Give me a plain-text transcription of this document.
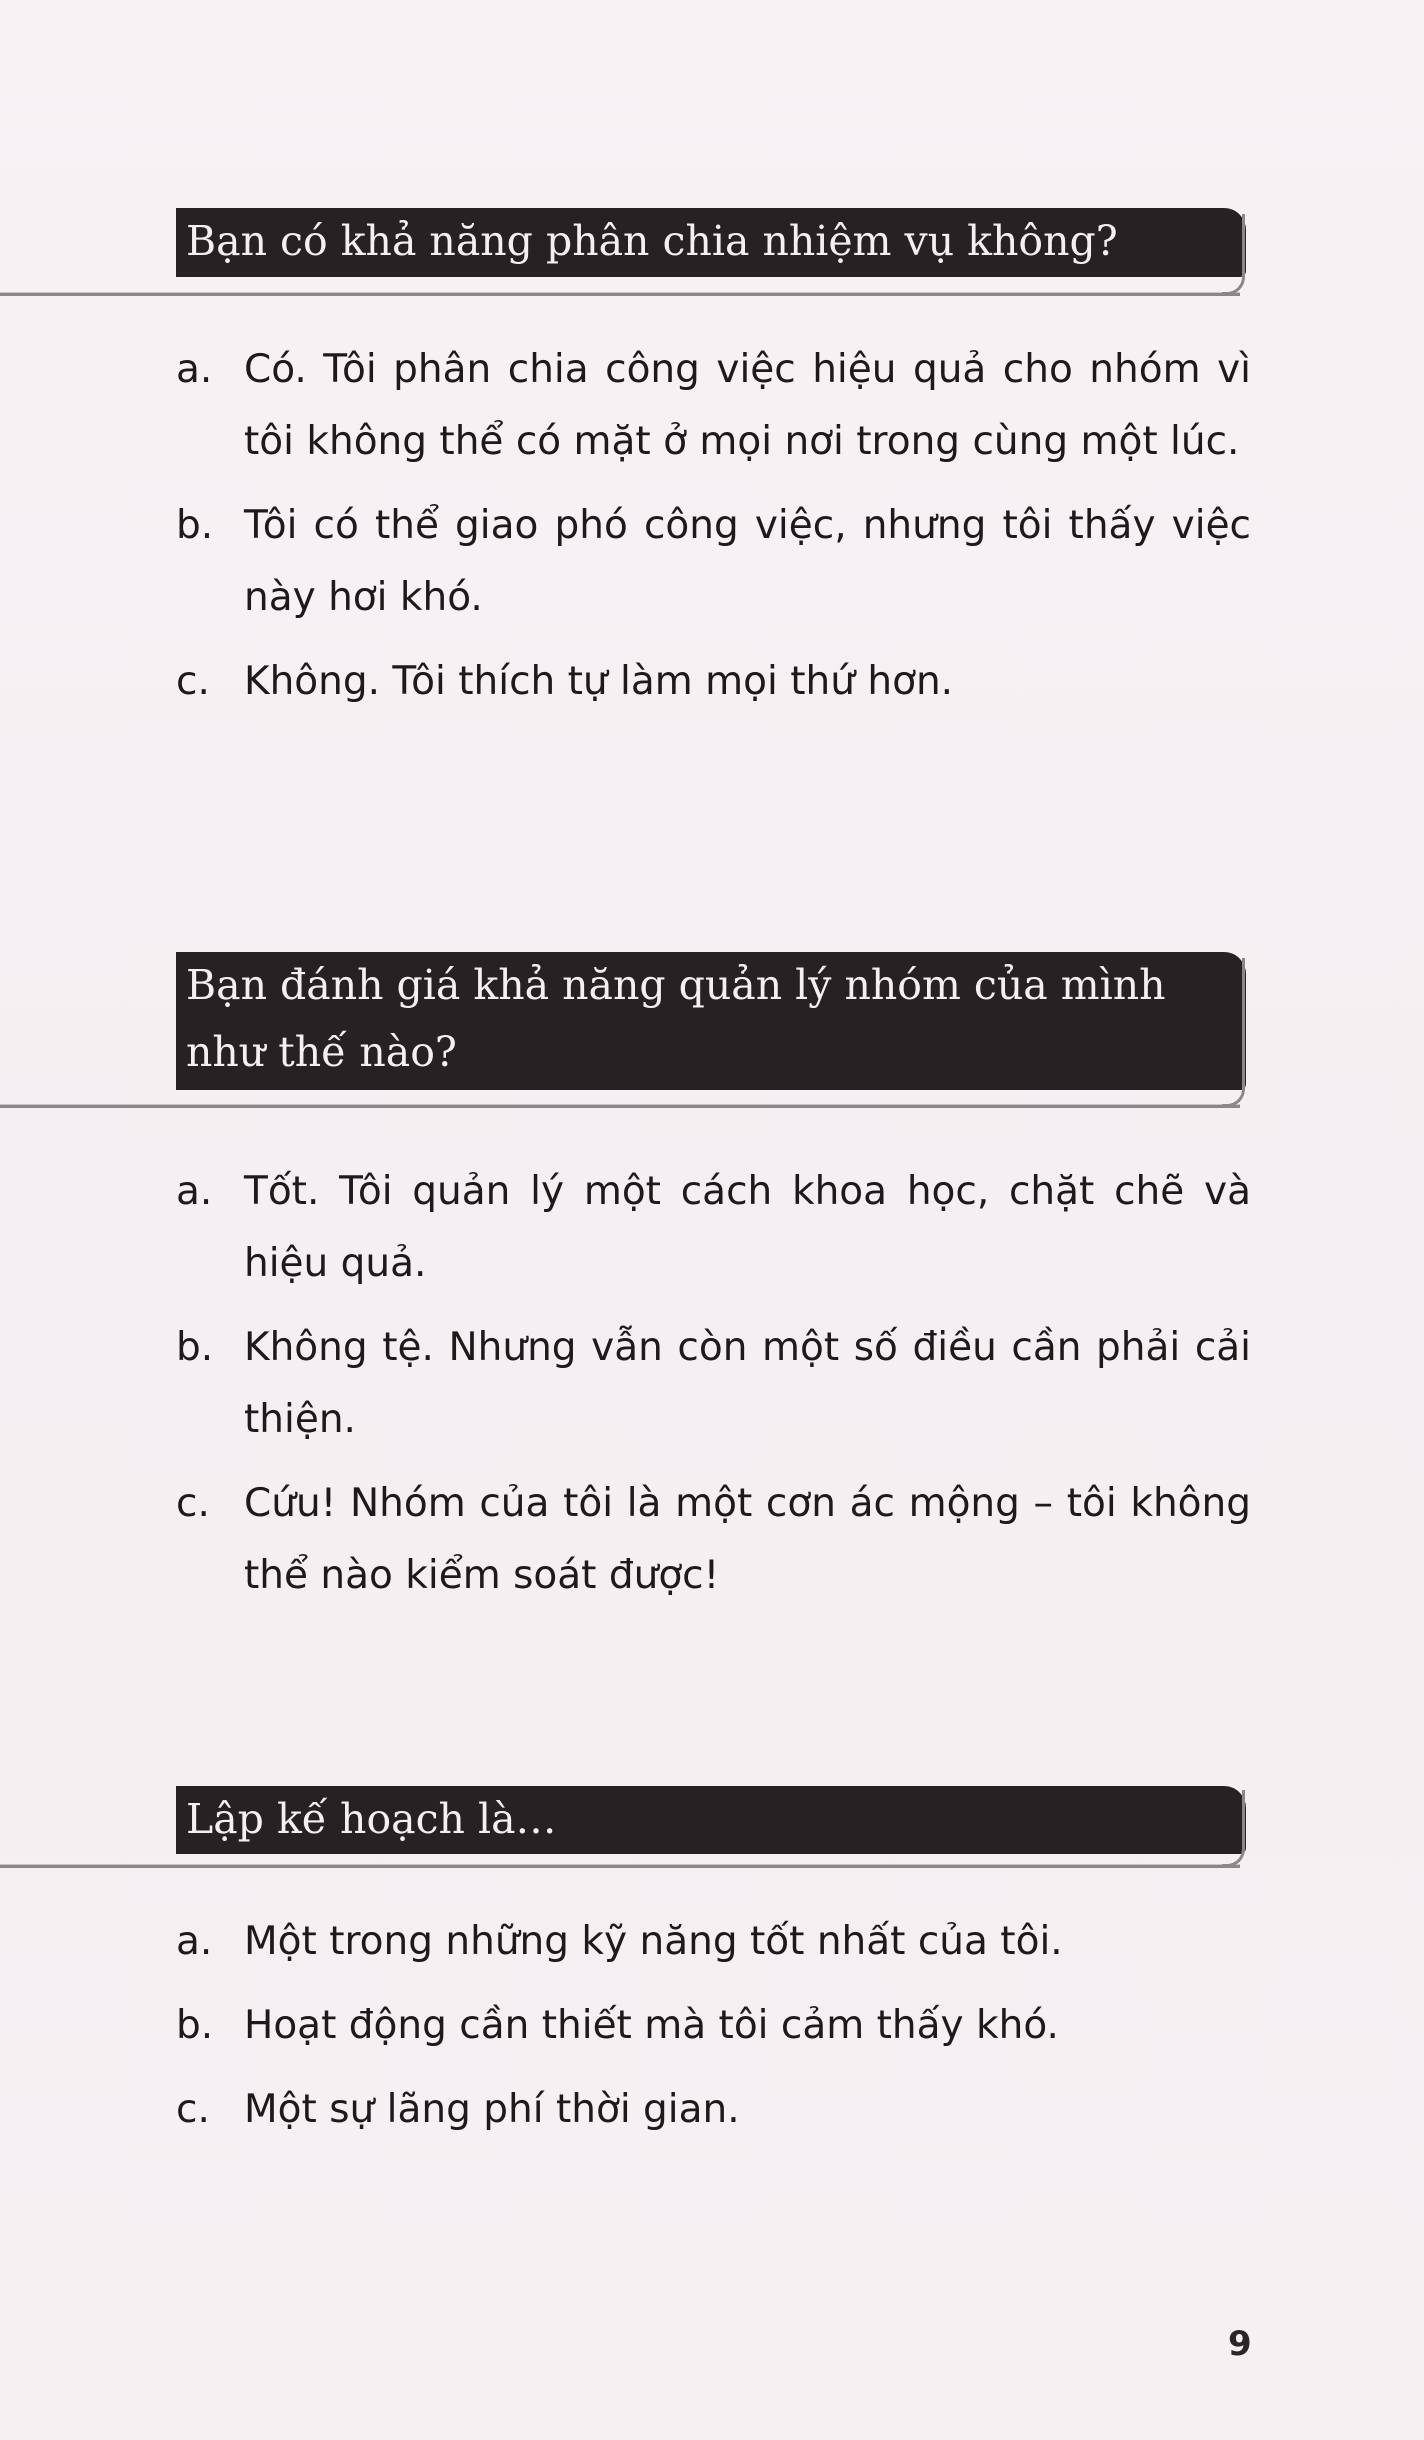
Bạn có khả năng phân chia nhiệm vụ không?
a. Có. Tôi phân chia công việc hiệu quả cho nhóm vì tôi không thể có mặt ở mọi nơi trong cùng một lúc.
b. Tôi có thể giao phó công việc, nhưng tôi thấy việc này hơi khó.
c. Không. Tôi thích tự làm mọi thứ hơn.
Bạn đánh giá khả năng quản lý nhóm của mình như thế nào?
a. Tốt. Tôi quản lý một cách khoa học, chặt chẽ và hiệu quả.
b. Không tệ. Nhưng vẫn còn một số điều cần phải cải thiện.
c. Cứu! Nhóm của tôi là một cơn ác mộng – tôi không thể nào kiểm soát được!
Lập kế hoạch là…
a. Một trong những kỹ năng tốt nhất của tôi.
b. Hoạt động cần thiết mà tôi cảm thấy khó.
c. Một sự lãng phí thời gian.
9
